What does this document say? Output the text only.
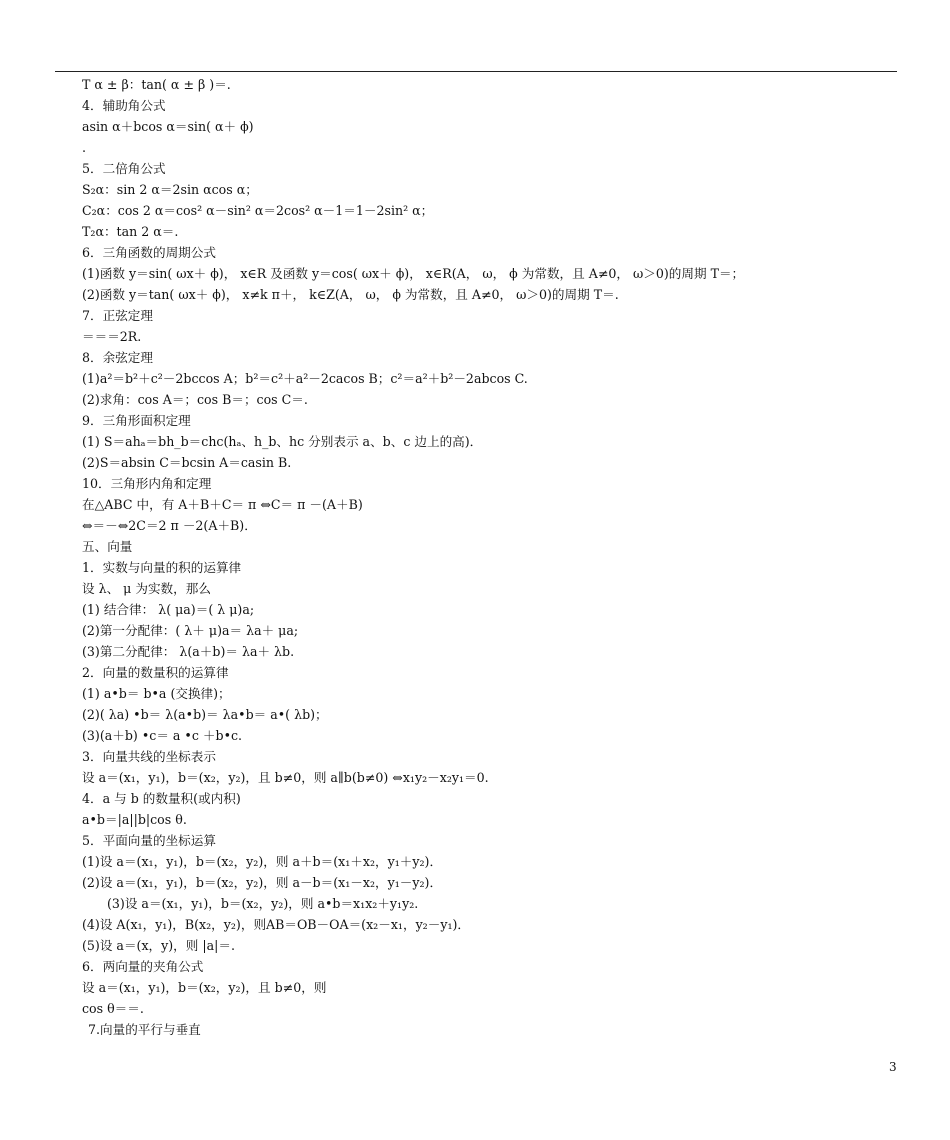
T α ± β：tan( α ± β )＝.
4．辅助角公式
asin α＋bcos α＝sin( α＋ ϕ)
.
5．二倍角公式
S₂α：sin 2 α＝2sin αcos α；
C₂α：cos 2 α＝cos² α－sin² α＝2cos² α－1＝1－2sin² α；
T₂α：tan 2 α＝.
6．三角函数的周期公式
(1)函数 y＝sin( ωx＋ ϕ)， x∈R 及函数 y＝cos( ωx＋ ϕ)， x∈R(A， ω， ϕ 为常数，且 A≠0， ω＞0)的周期 T＝；
(2)函数 y＝tan( ωx＋ ϕ)， x≠k π＋， k∈Z(A， ω， ϕ 为常数，且 A≠0， ω＞0)的周期 T＝.
7．正弦定理
＝＝＝2R.
8．余弦定理
(1)a²＝b²＋c²－2bccos A；b²＝c²＋a²－2cacos B；c²＝a²＋b²－2abcos C.
(2)求角：cos A＝；cos B＝；cos C＝.
9．三角形面积定理
(1) S＝ahₐ＝bh_b＝chc(hₐ、h_b、hc 分别表示 a、b、c 边上的高)．
(2)S＝absin C＝bcsin A＝casin B.
10．三角形内角和定理
在△ABC 中，有 A＋B＋C＝ π ⇔C＝ π －(A＋B)
⇔＝－⇔2C＝2 π －2(A＋B)．
五、向量
1．实数与向量的积的运算律
设 λ、 μ 为实数，那么
(1) 结合律： λ( μa)＝( λ μ)a;
(2)第一分配律：( λ＋ μ)a＝ λa＋ μa;
(3)第二分配律： λ(a＋b)＝ λa＋ λb.
2．向量的数量积的运算律
(1) a•b＝ b•a (交换律)；
(2)( λa) •b＝ λ(a•b)＝ λa•b＝ a•( λb)；
(3)(a＋b) •c＝ a •c ＋b•c.
3．向量共线的坐标表示
设 a＝(x₁，y₁)，b＝(x₂，y₂)，且 b≠0，则 a∥b(b≠0) ⇔x₁y₂－x₂y₁＝0.
4．a 与 b 的数量积(或内积)
a•b＝|a||b|cos θ.
5．平面向量的坐标运算
(1)设 a＝(x₁，y₁)，b＝(x₂，y₂)，则 a＋b＝(x₁＋x₂，y₁＋y₂)．
(2)设 a＝(x₁，y₁)，b＝(x₂，y₂)，则 a－b＝(x₁－x₂，y₁－y₂)．
(3)设 a＝(x₁，y₁)，b＝(x₂，y₂)，则 a•b＝x₁x₂＋y₁y₂.
(4)设 A(x₁，y₁)，B(x₂，y₂)，则AB＝OB－OA＝(x₂－x₁，y₂－y₁)．
(5)设 a＝(x，y)，则 |a|＝.
6．两向量的夹角公式
设 a＝(x₁，y₁)，b＝(x₂，y₂)，且 b≠0，则
cos θ＝＝.
7.向量的平行与垂直
3
